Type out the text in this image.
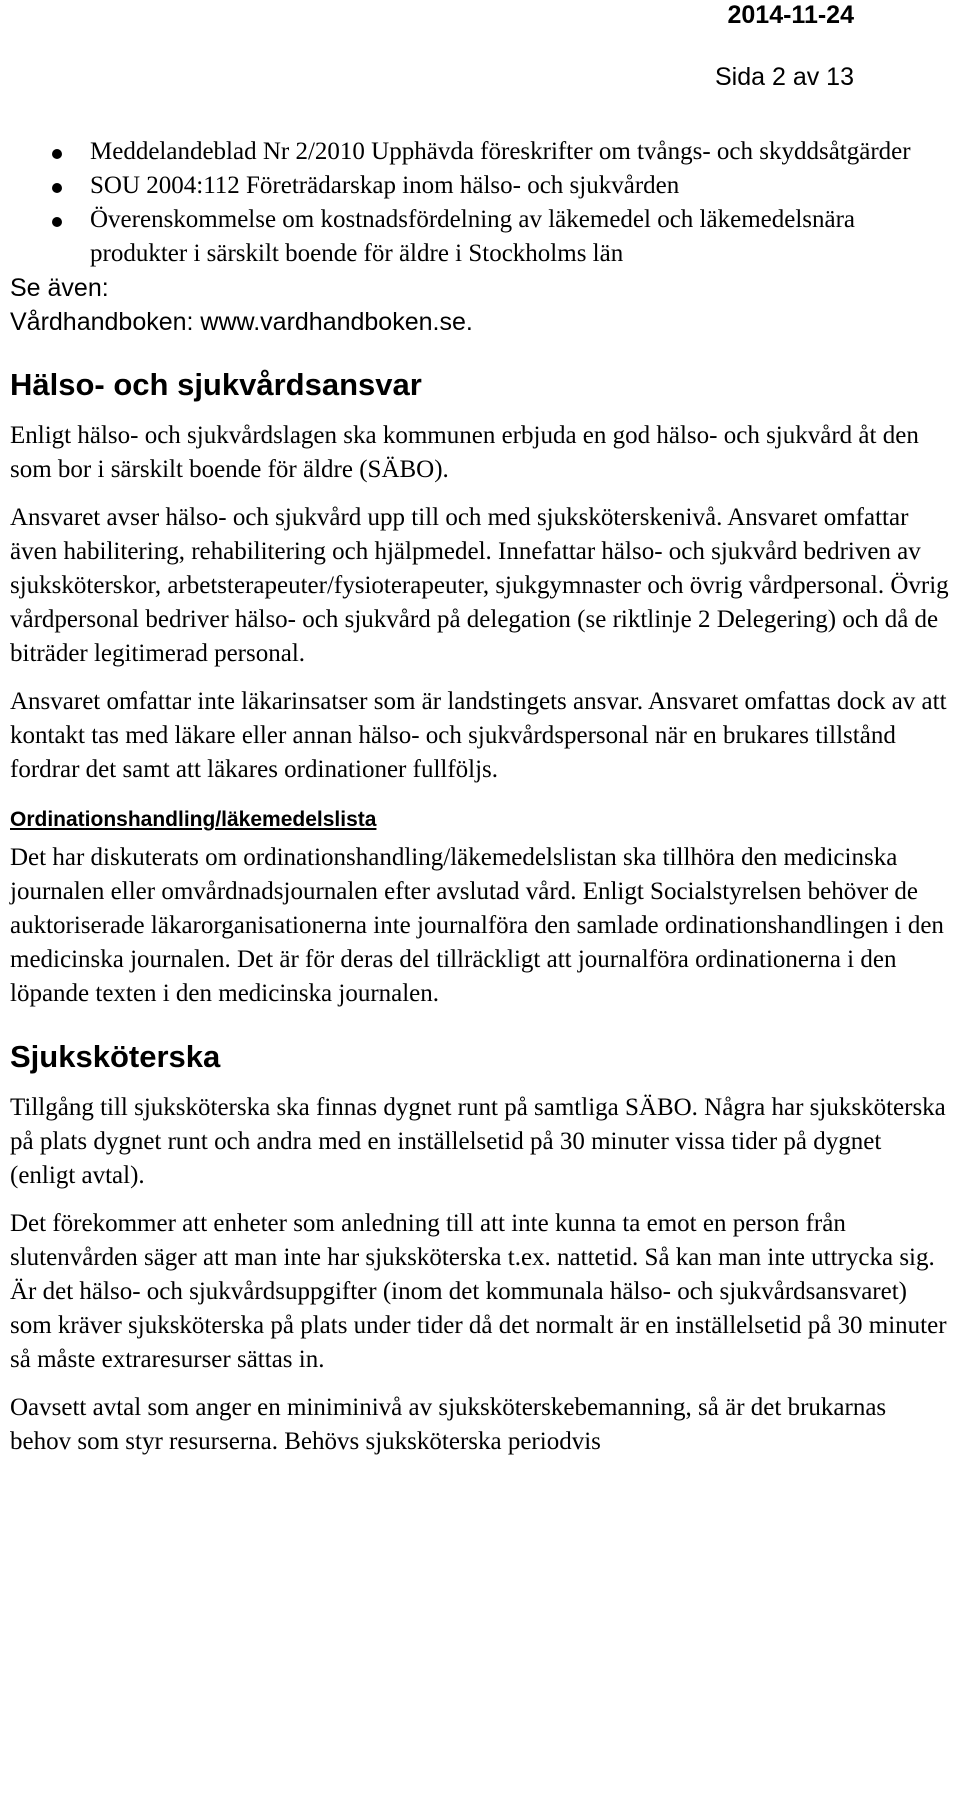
2014-11-24
Sida 2 av 13
Meddelandeblad Nr 2/2010 Upphävda föreskrifter om tvångs- och skyddsåtgärder
SOU 2004:112 Företrädarskap inom hälso- och sjukvården
Överenskommelse om kostnadsfördelning av läkemedel och läkemedelsnära produkter i särskilt boende för äldre i Stockholms län

Se även:

Vårdhandboken: www.vardhandboken.se.

Hälso- och sjukvårdsansvar

Enligt hälso- och sjukvårdslagen ska kommunen erbjuda en god hälso- och sjukvård åt den som bor i särskilt boende för äldre (SÄBO).

Ansvaret avser hälso- och sjukvård upp till och med sjuksköterskenivå. Ansvaret omfattar även habilitering, rehabilitering och hjälpmedel. Innefattar hälso- och sjukvård bedriven av sjuksköterskor, arbetsterapeuter/fysioterapeuter, sjukgymnaster och övrig vårdpersonal. Övrig vårdpersonal bedriver hälso- och sjukvård på delegation (se riktlinje 2 Delegering) och då de biträder legitimerad personal.

Ansvaret omfattar inte läkarinsatser som är landstingets ansvar. Ansvaret omfattas dock av att kontakt tas med läkare eller annan hälso- och sjukvårdspersonal när en brukares tillstånd fordrar det samt att läkares ordinationer fullföljs.

Ordinationshandling/läkemedelslista

Det har diskuterats om ordinationshandling/läkemedelslistan ska tillhöra den medicinska journalen eller omvårdnadsjournalen efter avslutad vård. Enligt Socialstyrelsen behöver de auktoriserade läkarorganisationerna inte journalföra den samlade ordinationshandlingen i den medicinska journalen. Det är för deras del tillräckligt att journalföra ordinationerna i den löpande texten i den medicinska journalen.

Sjuksköterska

Tillgång till sjuksköterska ska finnas dygnet runt på samtliga SÄBO. Några har sjuksköterska på plats dygnet runt och andra med en inställelsetid på 30 minuter vissa tider på dygnet (enligt avtal).

Det förekommer att enheter som anledning till att inte kunna ta emot en person från slutenvården säger att man inte har sjuksköterska t.ex. nattetid. Så kan man inte uttrycka sig. Är det hälso- och sjukvårdsuppgifter (inom det kommunala hälso- och sjukvårdsansvaret) som kräver sjuksköterska på plats under tider då det normalt är en inställelsetid på 30 minuter så måste extraresurser sättas in.

Oavsett avtal som anger en miniminivå av sjuksköterskebemanning, så är det brukarnas behov som styr resurserna. Behövs sjuksköterska periodvis
